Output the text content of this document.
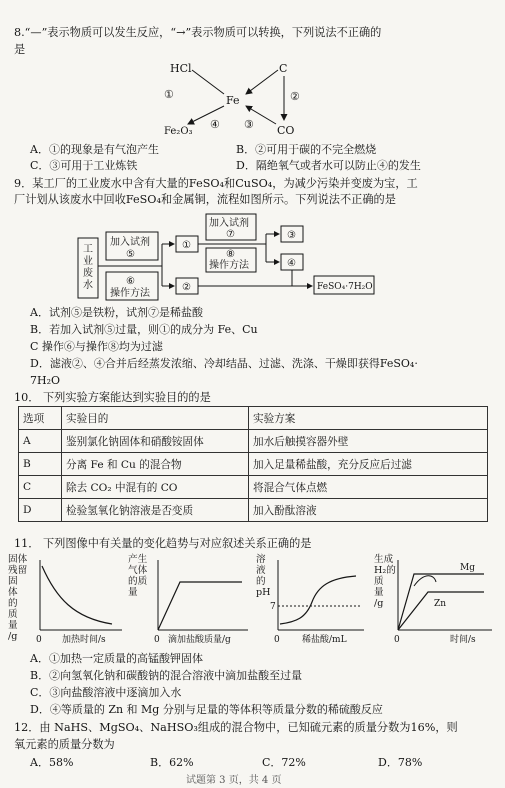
8.“—”表示物质可以发生反应，“→”表示物质可以转换，下列说法不正确的
是
HCl	C
Fe
Fe₂O₃	CO
①	②
③
④
A．①的现象是有气泡产生	B．②可用于碳的不完全燃烧
C．③可用于工业炼铁	D．隔绝氧气或者水可以防止④的发生
9．某工厂的工业废水中含有大量的FeSO₄和CuSO₄，为减少污染并变废为宝，工
厂计划从该废水中回收FeSO₄和金属铜，流程如图所示。下列说法不正确的是
工
业
废
水
加入试剂
⑤
⑥
操作方法
①
②
加入试剂
⑦
⑧
操作方法
③
④
FeSO₄·7H₂O
A．试剂⑤是铁粉，试剂⑦是稀盐酸
B．若加入试剂⑤过量，则①的成分为 Fe、Cu
C 操作⑥与操作⑧均为过滤
D．滤液②、④合并后经蒸发浓缩、冷却结晶、过滤、洗涤、干燥即获得FeSO₄·
7H₂O
10． 下列实验方案能达到实验目的的是
选项	实验目的	实验方案
A	鉴别氯化钠固体和硝酸铵固体	加水后触摸容器外壁
B	分离 Fe 和 Cu 的混合物	加入足量稀盐酸，充分反应后过滤
C	除去 CO₂ 中混有的 CO	将混合气体点燃
D	检验氢氧化钠溶液是否变质	加入酚酞溶液
11． 下列图像中有关量的变化趋势与对应叙述关系正确的是
固体
残留
固
体
的
质
量
/g	0 加热时间/s
产生
气体
的质
量
0 滴加盐酸质量/g
溶
液
的
pH
7
0 稀盐酸/mL
生成
H₂的
质
量
/g
Mg
Zn
0	时间/s
A．①加热一定质量的高锰酸钾固体
B．②向氢氧化钠和碳酸钠的混合溶液中滴加盐酸至过量
C．③向盐酸溶液中逐滴加入水
D．④等质量的 Zn 和 Mg 分别与足量的等体积等质量分数的稀硫酸反应
12．由 NaHS、MgSO₄、NaHSO₃组成的混合物中，已知硫元素的质量分数为16%，则
氧元素的质量分数为
A．58%	B．62%	C．72%	D．78%
试题第 3 页，共 4 页
